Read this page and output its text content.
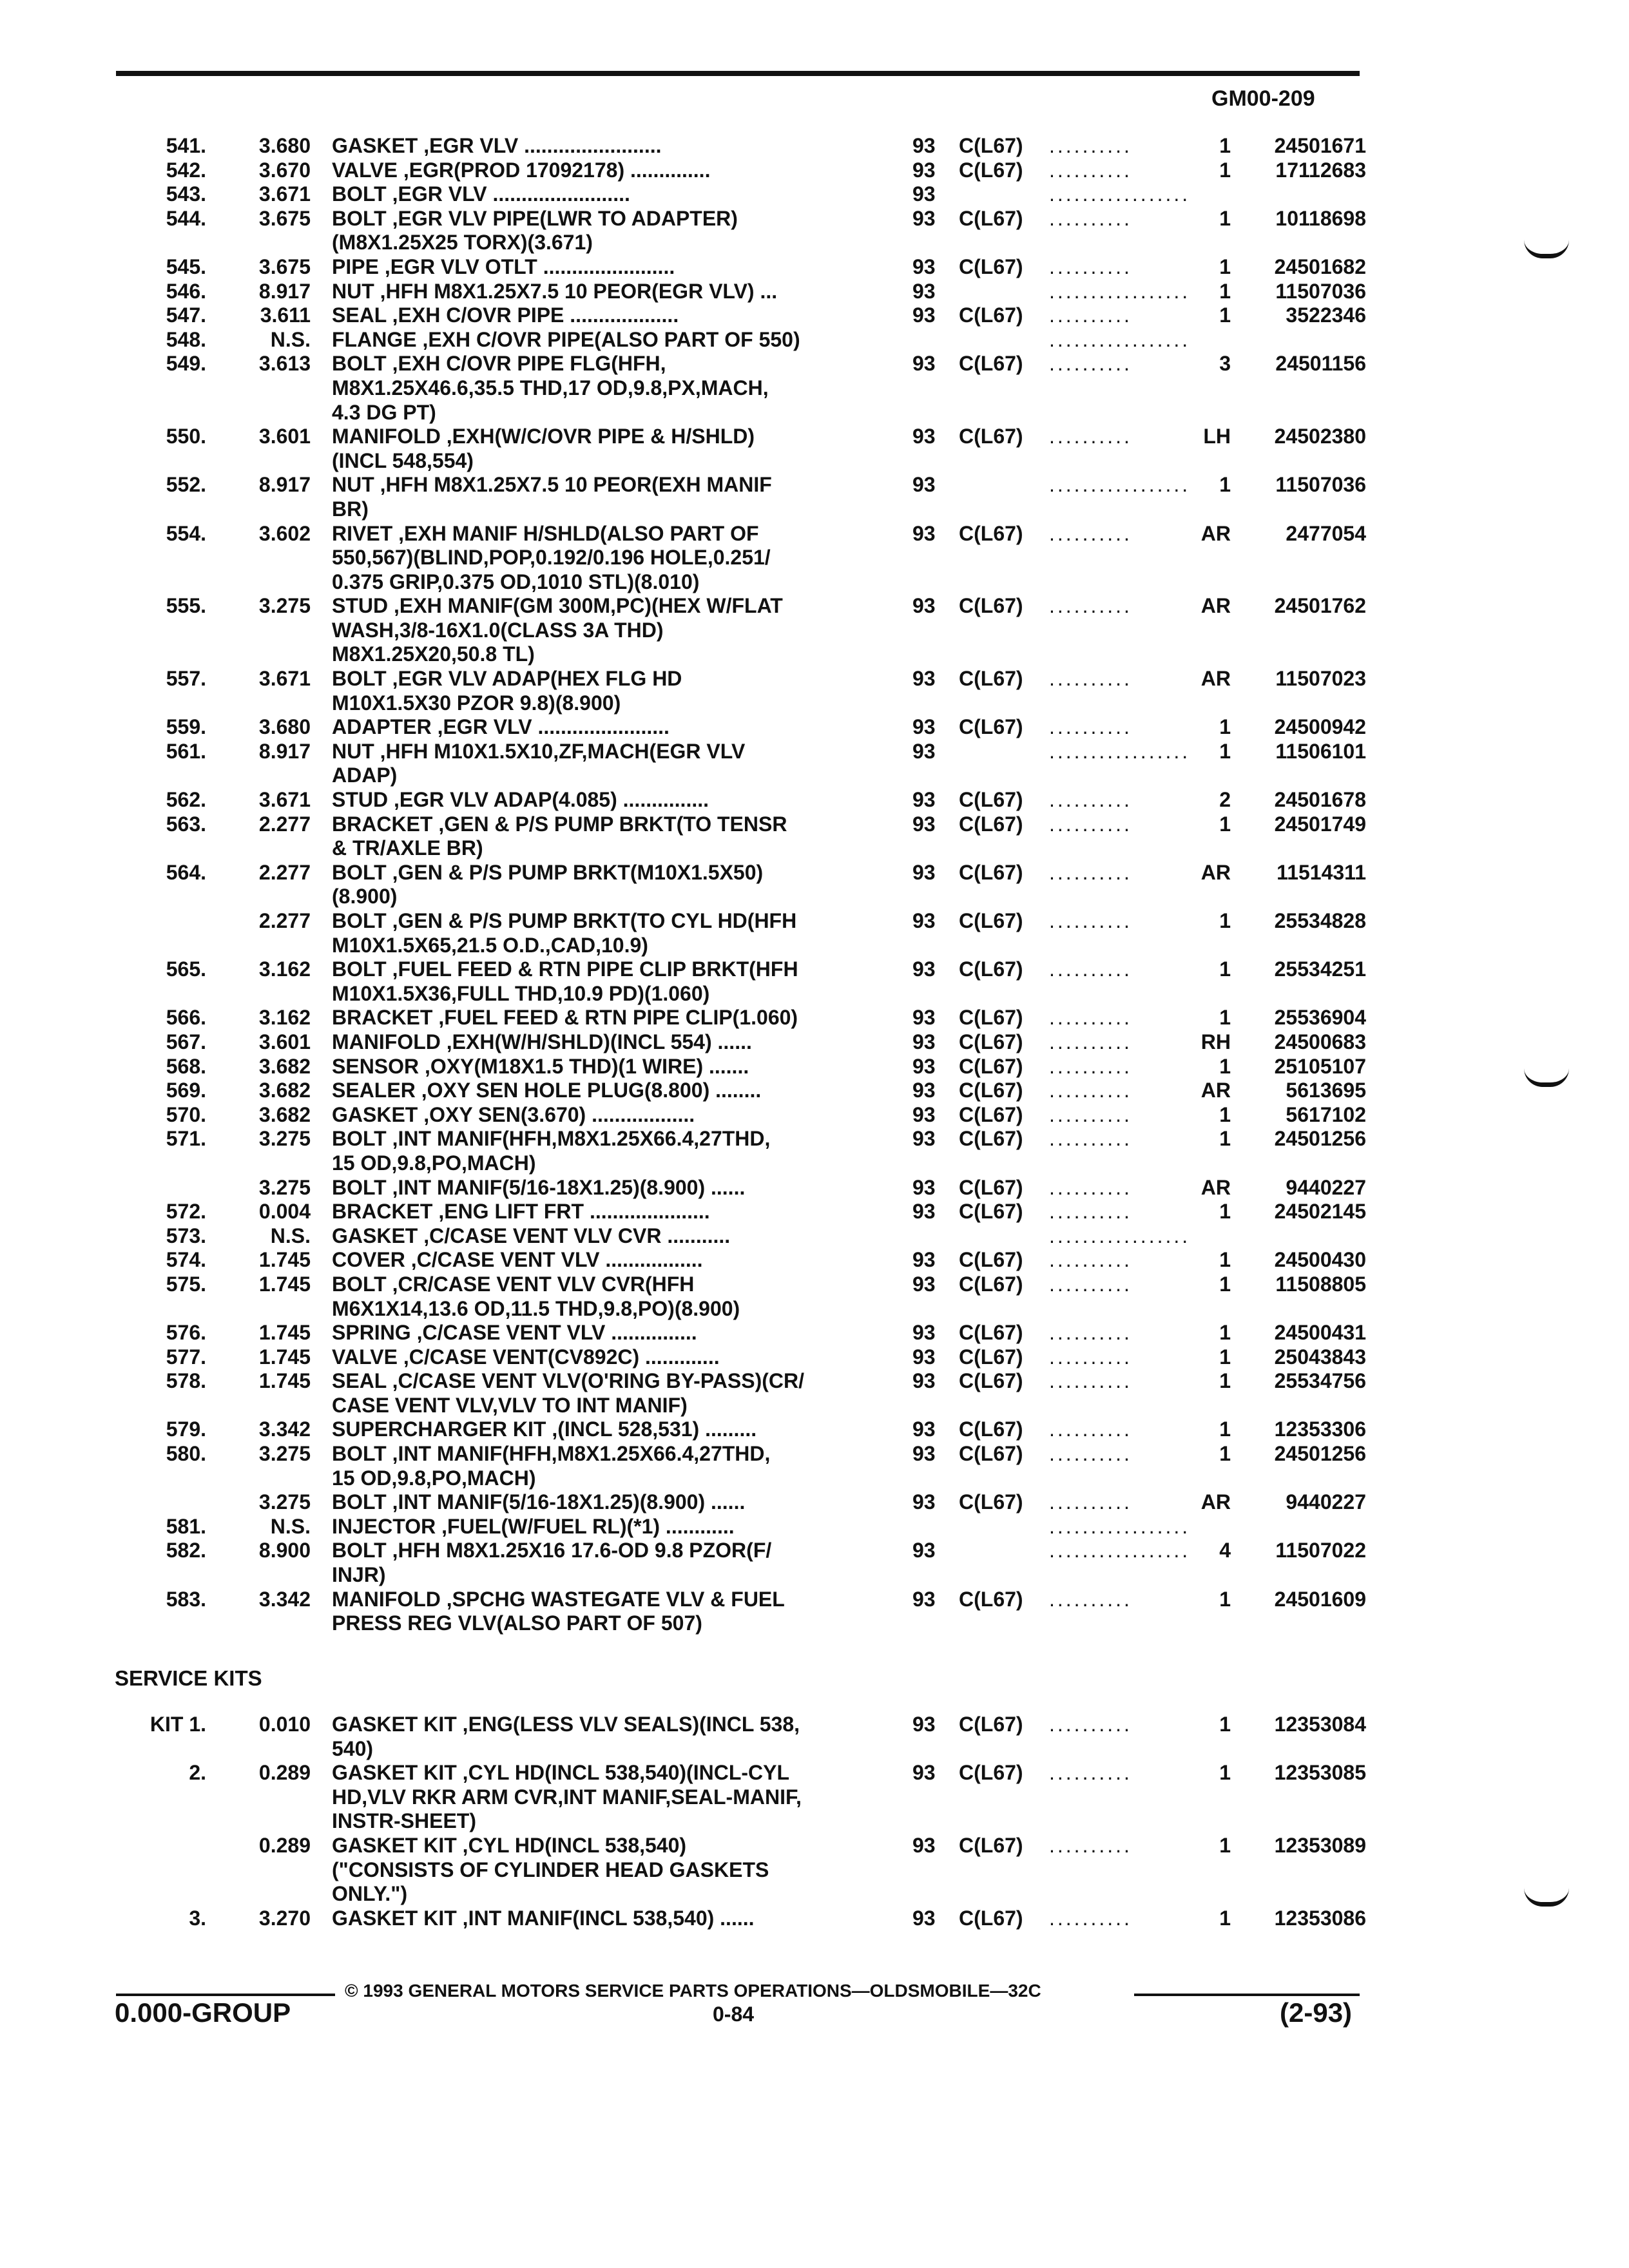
GM00-209
541.	3.680 GASKET ,EGR VLV ........................	93 C(L67) ..........	1	24501671
542.	3.670 VALVE ,EGR(PROD 17092178) ..............	93 C(L67) ..........	1	17112683
543.	3.671 BOLT ,EGR VLV ........................	93	.................
544.	3.675 BOLT ,EGR VLV PIPE(LWR TO ADAPTER)	93 C(L67) ..........	1	10118698
(M8X1.25X25 TORX)(3.671)
545.	3.675 PIPE ,EGR VLV OTLT .......................	93 C(L67) ..........	1	24501682
546.	8.917 NUT ,HFH M8X1.25X7.5 10 PEOR(EGR VLV) ...	93	.................	1	11507036
547.	3.611 SEAL ,EXH C/OVR PIPE ...................	93 C(L67) ..........	1	3522346
548.	N.S. FLANGE ,EXH C/OVR PIPE(ALSO PART OF 550)	.................
549.	3.613 BOLT ,EXH C/OVR PIPE FLG(HFH,	93 C(L67) ..........	3	24501156
M8X1.25X46.6,35.5 THD,17 OD,9.8,PX,MACH,
4.3 DG PT)
550.	3.601 MANIFOLD ,EXH(W/C/OVR PIPE & H/SHLD)	93 C(L67) ..........	LH	24502380
(INCL 548,554)
552.	8.917 NUT ,HFH M8X1.25X7.5 10 PEOR(EXH MANIF	93	.................	1	11507036
BR)
554.	3.602 RIVET ,EXH MANIF H/SHLD(ALSO PART OF	93 C(L67) ..........	AR	2477054
550,567)(BLIND,POP,0.192/0.196 HOLE,0.251/
0.375 GRIP,0.375 OD,1010 STL)(8.010)
555.	3.275 STUD ,EXH MANIF(GM 300M,PC)(HEX W/FLAT	93 C(L67) ..........	AR	24501762
WASH,3/8-16X1.0(CLASS 3A THD)
M8X1.25X20,50.8 TL)
557.	3.671 BOLT ,EGR VLV ADAP(HEX FLG HD	93 C(L67) ..........	AR	11507023
M10X1.5X30 PZOR 9.8)(8.900)
559.	3.680 ADAPTER ,EGR VLV .......................	93 C(L67) ..........	1	24500942
561.	8.917 NUT ,HFH M10X1.5X10,ZF,MACH(EGR VLV	93	.................	1	11506101
ADAP)
562.	3.671 STUD ,EGR VLV ADAP(4.085) ...............	93 C(L67) ..........	2	24501678
563.	2.277 BRACKET ,GEN & P/S PUMP BRKT(TO TENSR	93 C(L67) ..........	1	24501749
& TR/AXLE BR)
564.	2.277 BOLT ,GEN & P/S PUMP BRKT(M10X1.5X50)	93 C(L67) ..........	AR	11514311
(8.900)
2.277 BOLT ,GEN & P/S PUMP BRKT(TO CYL HD(HFH	93 C(L67) ..........	1	25534828
M10X1.5X65,21.5 O.D.,CAD,10.9)
565.	3.162 BOLT ,FUEL FEED & RTN PIPE CLIP BRKT(HFH	93 C(L67) ..........	1	25534251
M10X1.5X36,FULL THD,10.9 PD)(1.060)
566.	3.162 BRACKET ,FUEL FEED & RTN PIPE CLIP(1.060)	93 C(L67) ..........	1	25536904
567.	3.601 MANIFOLD ,EXH(W/H/SHLD)(INCL 554) ......	93 C(L67) ..........	RH	24500683
568.	3.682 SENSOR ,OXY(M18X1.5 THD)(1 WIRE) .......	93 C(L67) ..........	1	25105107
569.	3.682 SEALER ,OXY SEN HOLE PLUG(8.800) ........	93 C(L67) ..........	AR	5613695
570.	3.682 GASKET ,OXY SEN(3.670) ..................	93 C(L67) ..........	1	5617102
571.	3.275 BOLT ,INT MANIF(HFH,M8X1.25X66.4,27THD,	93 C(L67) ..........	1	24501256
15 OD,9.8,PO,MACH)
3.275 BOLT ,INT MANIF(5/16-18X1.25)(8.900) ......	93 C(L67) ..........	AR	9440227
572.	0.004 BRACKET ,ENG LIFT FRT .....................	93 C(L67) ..........	1	24502145
573.	N.S. GASKET ,C/CASE VENT VLV CVR ...........	.................
574.	1.745 COVER ,C/CASE VENT VLV .................	93 C(L67) ..........	1	24500430
575.	1.745 BOLT ,CR/CASE VENT VLV CVR(HFH	93 C(L67) ..........	1	11508805
M6X1X14,13.6 OD,11.5 THD,9.8,PO)(8.900)
576.	1.745 SPRING ,C/CASE VENT VLV ...............	93 C(L67) ..........	1	24500431
577.	1.745 VALVE ,C/CASE VENT(CV892C) .............	93 C(L67) ..........	1	25043843
578.	1.745 SEAL ,C/CASE VENT VLV(O'RING BY-PASS)(CR/	93 C(L67) ..........	1	25534756
CASE VENT VLV,VLV TO INT MANIF)
579.	3.342 SUPERCHARGER KIT ,(INCL 528,531) .........	93 C(L67) ..........	1	12353306
580.	3.275 BOLT ,INT MANIF(HFH,M8X1.25X66.4,27THD,	93 C(L67) ..........	1	24501256
15 OD,9.8,PO,MACH)
3.275 BOLT ,INT MANIF(5/16-18X1.25)(8.900) ......	93 C(L67) ..........	AR	9440227
581.	N.S. INJECTOR ,FUEL(W/FUEL RL)(*1) ............	.................
582.	8.900 BOLT ,HFH M8X1.25X16 17.6-OD 9.8 PZOR(F/	93	.................	4	11507022
INJR)
583.	3.342 MANIFOLD ,SPCHG WASTEGATE VLV & FUEL	93 C(L67) ..........	1	24501609
PRESS REG VLV(ALSO PART OF 507)
SERVICE KITS
KIT 1.	0.010 GASKET KIT ,ENG(LESS VLV SEALS)(INCL 538,	93 C(L67) ..........	1	12353084
540)
2.	0.289 GASKET KIT ,CYL HD(INCL 538,540)(INCL-CYL	93 C(L67) ..........	1	12353085
HD,VLV RKR ARM CVR,INT MANIF,SEAL-MANIF,
INSTR-SHEET)
0.289 GASKET KIT ,CYL HD(INCL 538,540)	93 C(L67) ..........	1	12353089
("CONSISTS OF CYLINDER HEAD GASKETS
ONLY.")
3.	3.270 GASKET KIT ,INT MANIF(INCL 538,540) ......	93 C(L67) ..........	1	12353086
© 1993 GENERAL MOTORS SERVICE PARTS OPERATIONS—OLDSMOBILE—32C
0.000-GROUP	0-84	(2-93)
